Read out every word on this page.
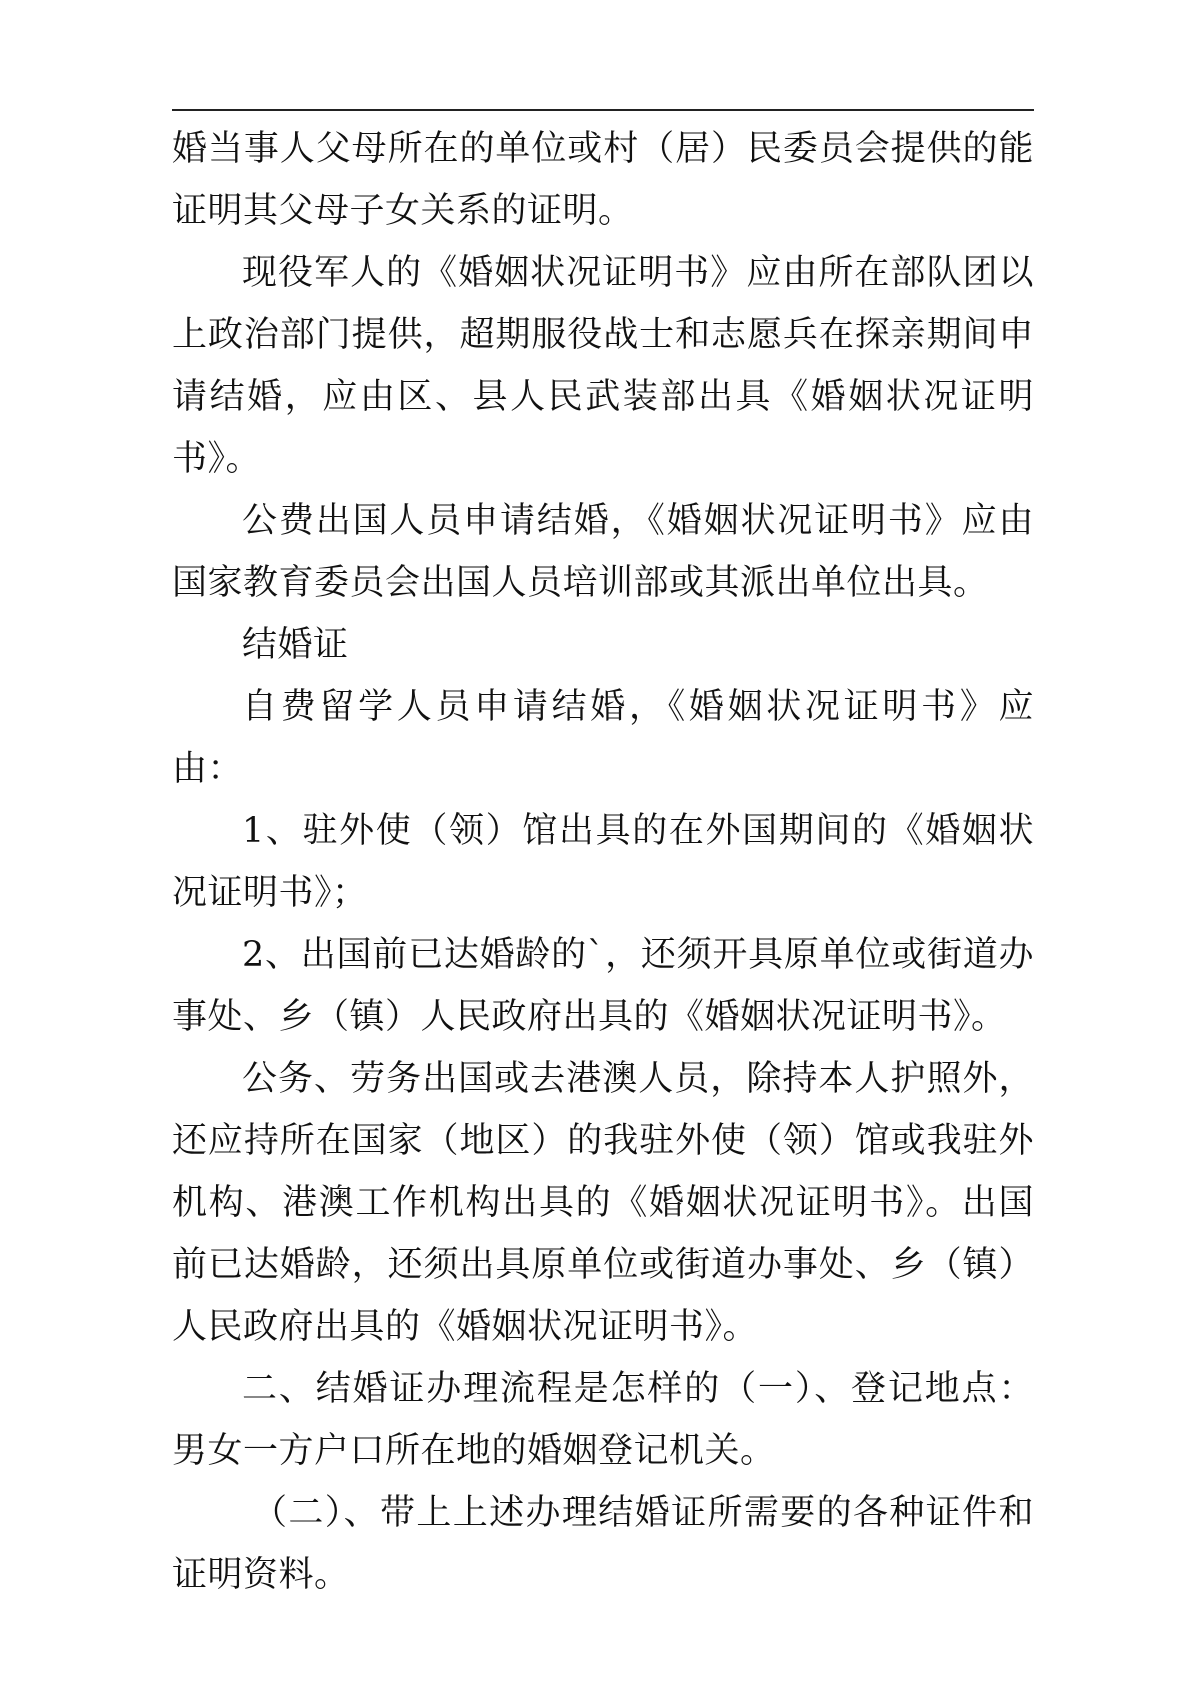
婚当事人父母所在的单位或村（居）民委员会提供的能证明其父母子女关系的证明。

现役军人的《婚姻状况证明书》应由所在部队团以上政治部门提供，超期服役战士和志愿兵在探亲期间申请结婚，应由区、县人民武装部出具《婚姻状况证明书》。

公费出国人员申请结婚，《婚姻状况证明书》应由国家教育委员会出国人员培训部或其派出单位出具。

结婚证

自费留学人员申请结婚，《婚姻状况证明书》应由：

1、驻外使（领）馆出具的在外国期间的《婚姻状况证明书》；

2、出国前已达婚龄的`，还须开具原单位或街道办事处、乡（镇）人民政府出具的《婚姻状况证明书》。

公务、劳务出国或去港澳人员，除持本人护照外，还应持所在国家（地区）的我驻外使（领）馆或我驻外机构、港澳工作机构出具的《婚姻状况证明书》。出国前已达婚龄，还须出具原单位或街道办事处、乡（镇）人民政府出具的《婚姻状况证明书》。

二、结婚证办理流程是怎样的（一）、登记地点：男女一方户口所在地的婚姻登记机关。

（二）、带上上述办理结婚证所需要的各种证件和证明资料。
